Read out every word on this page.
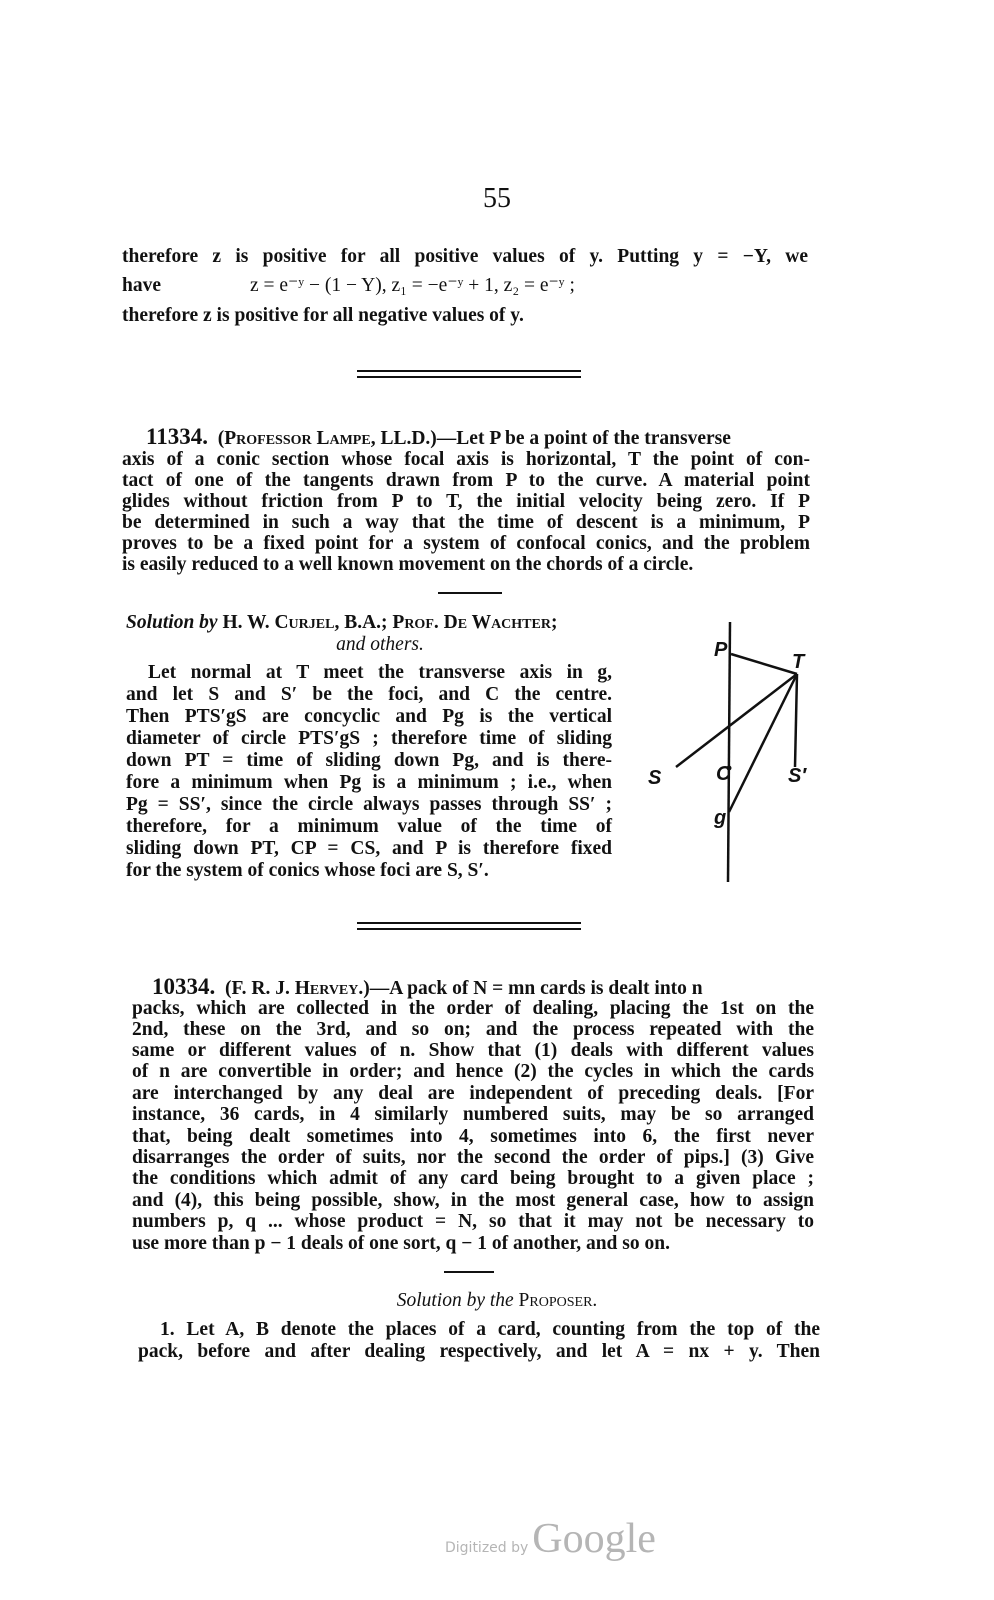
55
therefore z is positive for all positive values of y. Putting y = −Y, we
have	z = e⁻ʸ − (1 − Y), z₁ = −e⁻ʸ + 1, z₂ = e⁻ʸ ;
therefore z is positive for all negative values of y.
11334. (Professor Lampe, LL.D.)—Let P be a point of the transverse
axis of a conic section whose focal axis is horizontal, T the point of con-
tact of one of the tangents drawn from P to the curve. A material point
glides without friction from P to T, the initial velocity being zero. If P
be determined in such a way that the time of descent is a minimum, P
proves to be a fixed point for a system of confocal conics, and the problem
is easily reduced to a well known movement on the chords of a circle.
Solution by H. W. Curjel, B.A.; Prof. De Wachter;
and others.
Let normal at T meet the transverse axis in g,
and let S and S′ be the foci, and C the centre.
Then PTS′gS are concyclic and Pg is the vertical
diameter of circle PTS′gS ; therefore time of sliding
down PT = time of sliding down Pg, and is there-
fore a minimum when Pg is a minimum ; i.e., when
Pg = SS′, since the circle always passes through SS′ ;
therefore, for a minimum value of the time of
sliding down PT, CP = CS, and P is therefore fixed
for the system of conics whose foci are S, S′.
P
T
S	C	S′
g
10334. (F. R. J. Hervey.)—A pack of N = mn cards is dealt into n
packs, which are collected in the order of dealing, placing the 1st on the
2nd, these on the 3rd, and so on; and the process repeated with the
same or different values of n. Show that (1) deals with different values
of n are convertible in order; and hence (2) the cycles in which the cards
are interchanged by any deal are independent of preceding deals. [For
instance, 36 cards, in 4 similarly numbered suits, may be so arranged
that, being dealt sometimes into 4, sometimes into 6, the first never
disarranges the order of suits, nor the second the order of pips.] (3) Give
the conditions which admit of any card being brought to a given place ;
and (4), this being possible, show, in the most general case, how to assign
numbers p, q ... whose product = N, so that it may not be necessary to
use more than p − 1 deals of one sort, q − 1 of another, and so on.
Solution by the Proposer.
1. Let A, B denote the places of a card, counting from the top of the
pack, before and after dealing respectively, and let A = nx + y. Then
Digitized by Google
